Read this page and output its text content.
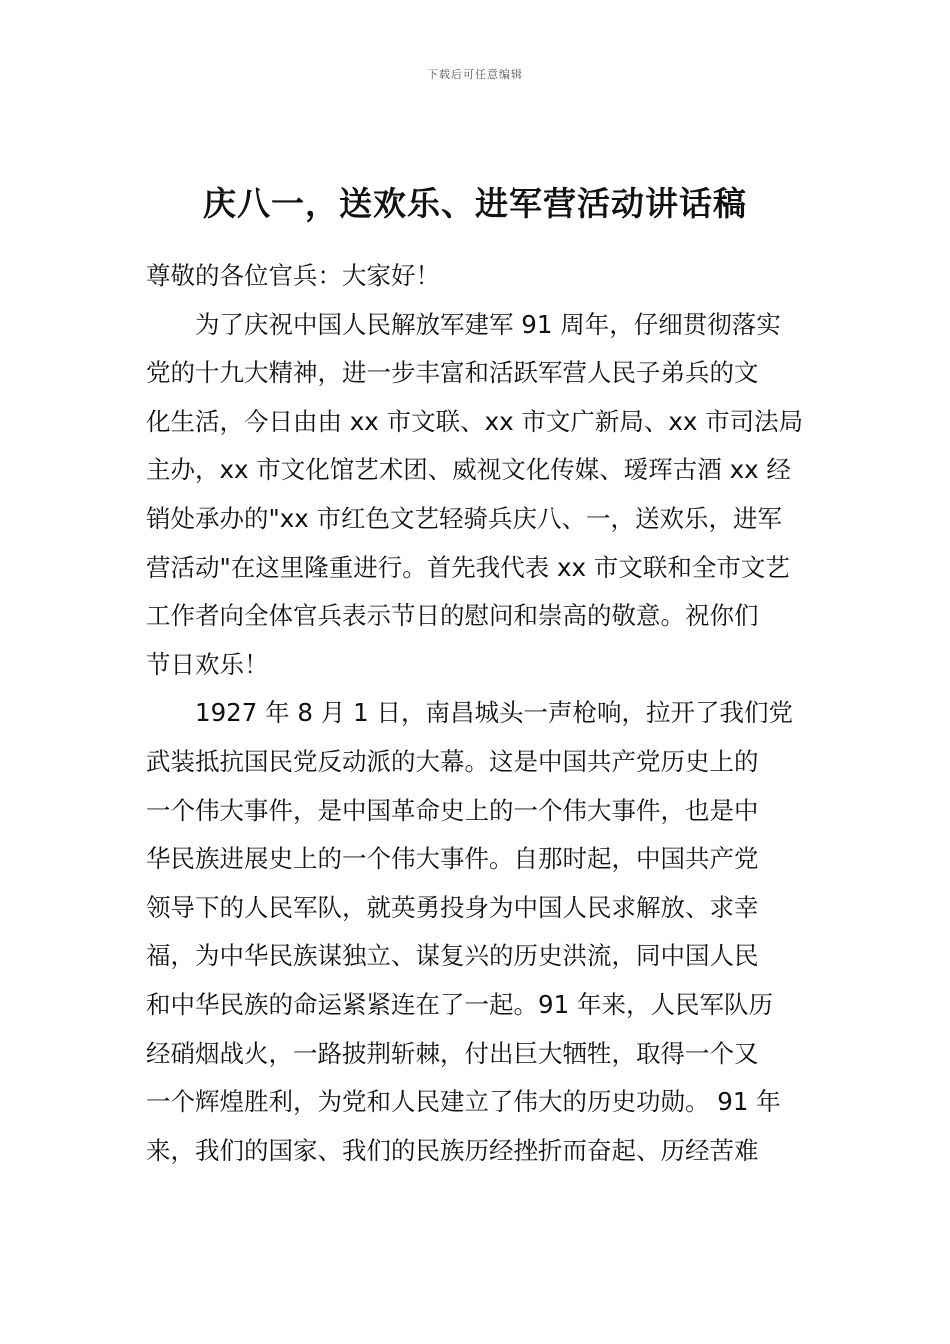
下载后可任意编辑
庆八一，送欢乐、进军营活动讲话稿

尊敬的各位官兵：大家好！

为了庆祝中国人民解放军建军 91 周年，仔细贯彻落实
党的十九大精神，进一步丰富和活跃军营人民子弟兵的文
化生活，今日由由 xx 市文联、xx 市文广新局、xx 市司法局
主办，xx 市文化馆艺术团、威视文化传媒、瑷珲古酒 xx 经
销处承办的"xx 市红色文艺轻骑兵庆八、一，送欢乐，进军
营活动"在这里隆重进行。首先我代表 xx 市文联和全市文艺
工作者向全体官兵表示节日的慰问和崇高的敬意。祝你们
节日欢乐！

1927 年 8 月 1 日，南昌城头一声枪响，拉开了我们党
武装抵抗国民党反动派的大幕。这是中国共产党历史上的
一个伟大事件，是中国革命史上的一个伟大事件，也是中
华民族进展史上的一个伟大事件。自那时起，中国共产党
领导下的人民军队，就英勇投身为中国人民求解放、求幸
福，为中华民族谋独立、谋复兴的历史洪流，同中国人民
和中华民族的命运紧紧连在了一起。91 年来，人民军队历
经硝烟战火，一路披荆斩棘，付出巨大牺牲，取得一个又
一个辉煌胜利，为党和人民建立了伟大的历史功勋。 91 年
来，我们的国家、我们的民族历经挫折而奋起、历经苦难
